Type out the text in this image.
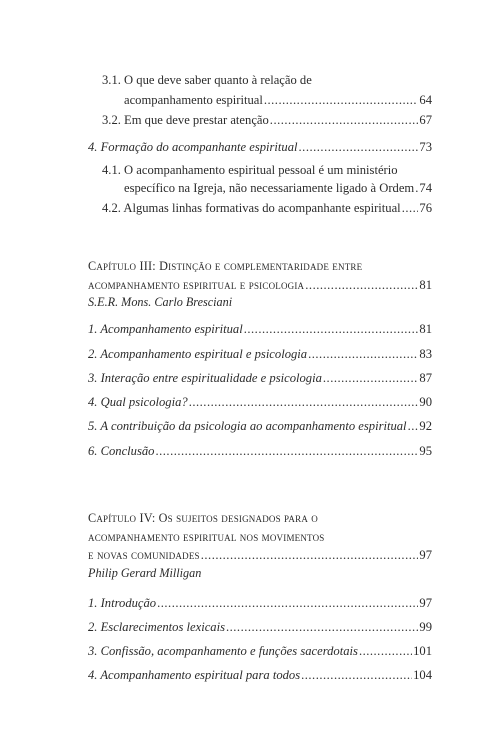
3.1. O que deve saber quanto à relação de
acompanhamento espiritual .....	64
3.2. Em que deve prestar atenção .....	67
4. Formação do acompanhante espiritual .....	73
4.1. O acompanhamento espiritual pessoal é um ministério
específico na Igreja, não necessariamente ligado à Ordem ..... 74
4.2. Algumas linhas formativas do acompanhante espiritual ..... 76
Capítulo III: Distinção e complementaridade entre
acompanhamento espiritual e psicologia .....	81
S.E.R. Mons. Carlo Bresciani
1. Acompanhamento espiritual .....	81
2. Acompanhamento espiritual e psicologia .....	83
3. Interação entre espiritualidade e psicologia .....	87
4. Qual psicologia? .....	90
5. A contribuição da psicologia ao acompanhamento espiritual ..... 92
6. Conclusão .....	95
Capítulo IV: Os sujeitos designados para o
acompanhamento espiritual nos movimentos
e novas comunidades .....	97
Philip Gerard Milligan
1. Introdução .....	97
2. Esclarecimentos lexicais .....	99
3. Confissão, acompanhamento e funções sacerdotais .....	101
4. Acompanhamento espiritual para todos .....	104
